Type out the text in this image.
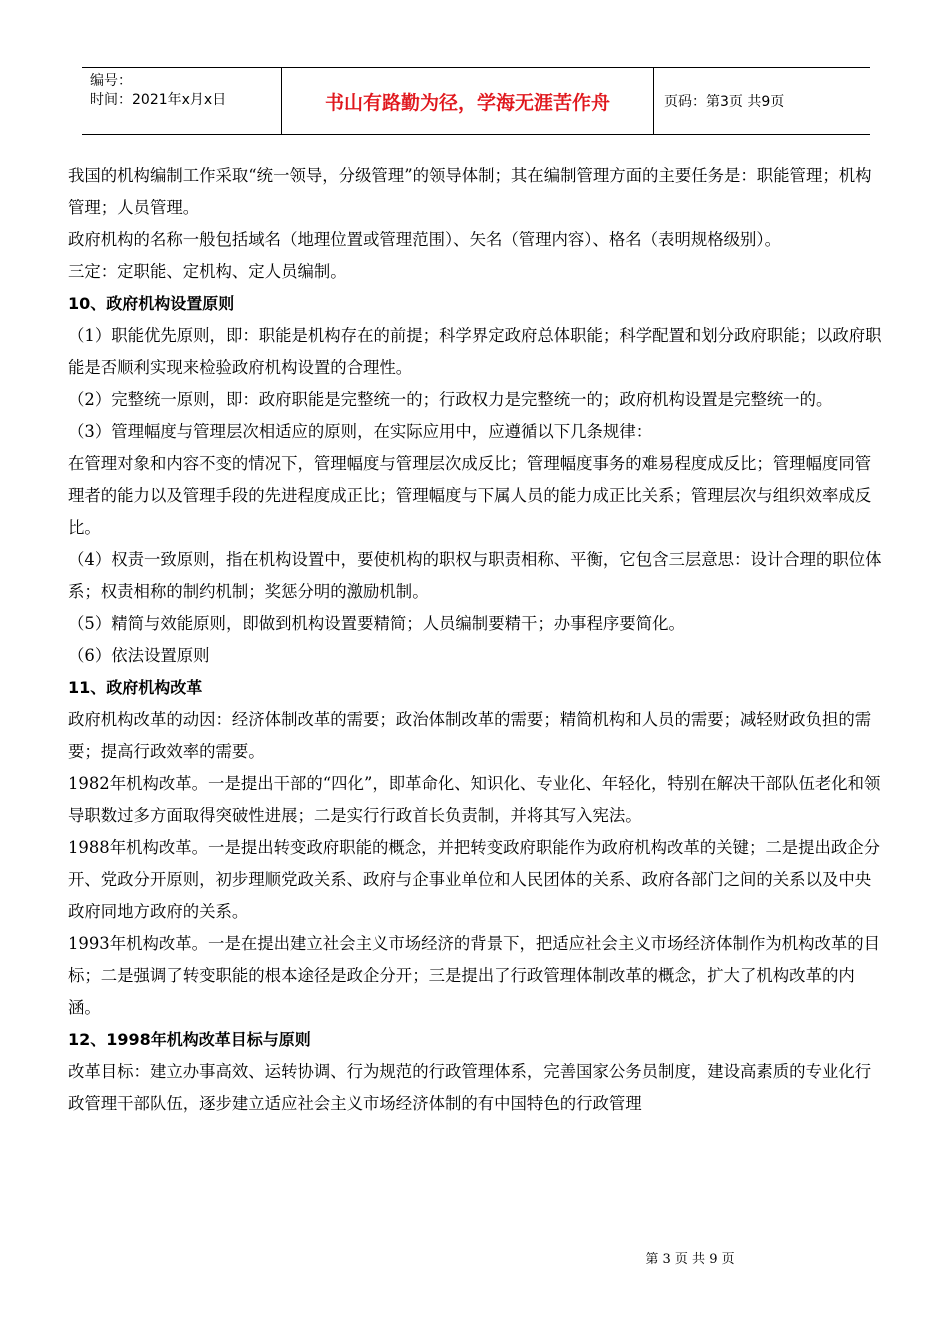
编号：
时间：2021年x月x日	书山有路勤为径，学海无涯苦作舟	页码：第3页 共9页

我国的机构编制工作采取“统一领导，分级管理”的领导体制；其在编制管理方面的主要任务是：职能管理；机构管理；人员管理。

政府机构的名称一般包括域名（地理位置或管理范围）、矢名（管理内容）、格名（表明规格级别）。

三定：定职能、定机构、定人员编制。

10、政府机构设置原则

（1）职能优先原则，即：职能是机构存在的前提；科学界定政府总体职能；科学配置和划分政府职能；以政府职能是否顺利实现来检验政府机构设置的合理性。

（2）完整统一原则，即：政府职能是完整统一的；行政权力是完整统一的；政府机构设置是完整统一的。

（3）管理幅度与管理层次相适应的原则，在实际应用中，应遵循以下几条规律：

在管理对象和内容不变的情况下，管理幅度与管理层次成反比；管理幅度事务的难易程度成反比；管理幅度同管理者的能力以及管理手段的先进程度成正比；管理幅度与下属人员的能力成正比关系；管理层次与组织效率成反比。

（4）权责一致原则，指在机构设置中，要使机构的职权与职责相称、平衡，它包含三层意思：设计合理的职位体系；权责相称的制约机制；奖惩分明的激励机制。

（5）精简与效能原则，即做到机构设置要精简；人员编制要精干；办事程序要简化。

（6）依法设置原则

11、政府机构改革

政府机构改革的动因：经济体制改革的需要；政治体制改革的需要；精简机构和人员的需要；减轻财政负担的需要；提高行政效率的需要。

1982年机构改革。一是提出干部的“四化”，即革命化、知识化、专业化、年轻化，特别在解决干部队伍老化和领导职数过多方面取得突破性进展；二是实行行政首长负责制，并将其写入宪法。

1988年机构改革。一是提出转变政府职能的概念，并把转变政府职能作为政府机构改革的关键；二是提出政企分开、党政分开原则，初步理顺党政关系、政府与企事业单位和人民团体的关系、政府各部门之间的关系以及中央政府同地方政府的关系。

1993年机构改革。一是在提出建立社会主义市场经济的背景下，把适应社会主义市场经济体制作为机构改革的目标；二是强调了转变职能的根本途径是政企分开；三是提出了行政管理体制改革的概念，扩大了机构改革的内涵。

12、1998年机构改革目标与原则

改革目标：建立办事高效、运转协调、行为规范的行政管理体系，完善国家公务员制度，建设高素质的专业化行政管理干部队伍，逐步建立适应社会主义市场经济体制的有中国特色的行政管理

第 3 页 共 9 页
